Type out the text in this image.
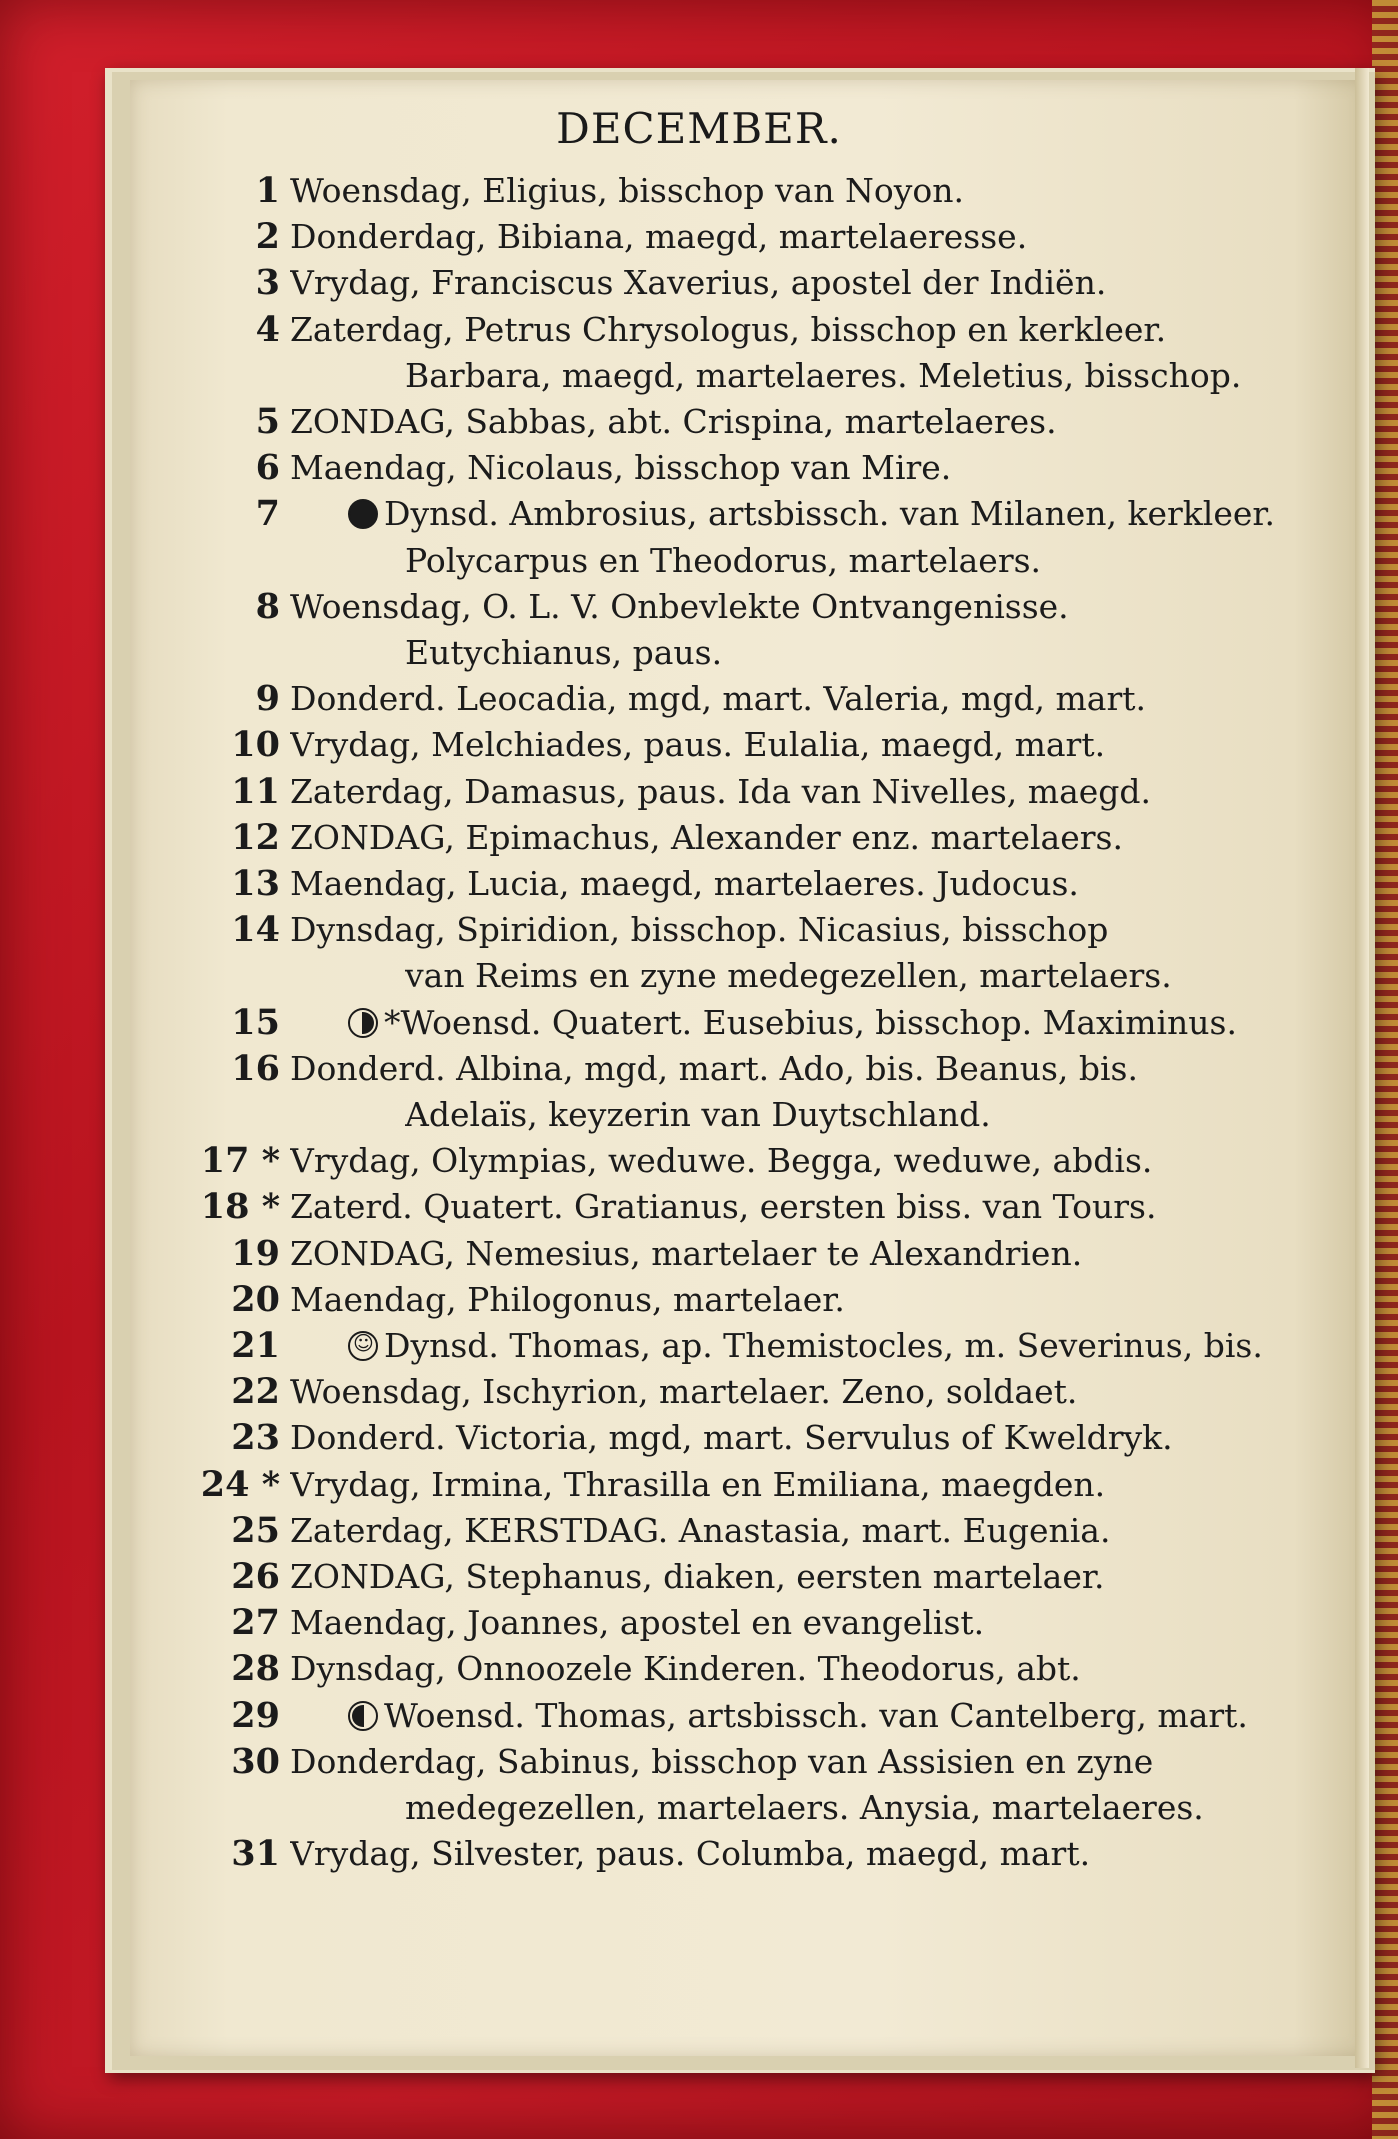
DECEMBER.
1 Woensdag, Eligius, bisschop van Noyon.
2 Donderdag, Bibiana, maegd, martelaeresse.
3 Vrydag, Franciscus Xaverius, apostel der Indiën.
4 Zaterdag, Petrus Chrysologus, bisschop en kerkleer.
Barbara, maegd, martelaeres. Meletius, bisschop.
5 ZONDAG, Sabbas, abt. Crispina, martelaeres.
6 Maendag, Nicolaus, bisschop van Mire.
7	Dynsd. Ambrosius, artsbissch. van Milanen, kerkleer.
Polycarpus en Theodorus, martelaers.
8 Woensdag, O. L. V. Onbevlekte Ontvangenisse.
Eutychianus, paus.
9 Donderd. Leocadia, mgd, mart. Valeria, mgd, mart.
10 Vrydag, Melchiades, paus. Eulalia, maegd, mart.
11 Zaterdag, Damasus, paus. Ida van Nivelles, maegd.
12 ZONDAG, Epimachus, Alexander enz. martelaers.
13 Maendag, Lucia, maegd, martelaeres. Judocus.
14 Dynsdag, Spiridion, bisschop. Nicasius, bisschop
van Reims en zyne medegezellen, martelaers.
15	*Woensd. Quatert. Eusebius, bisschop. Maximinus.
16 Donderd. Albina, mgd, mart. Ado, bis. Beanus, bis.
Adelaïs, keyzerin van Duytschland.
17 * Vrydag, Olympias, weduwe. Begga, weduwe, abdis.
18 * Zaterd. Quatert. Gratianus, eersten biss. van Tours.
19 ZONDAG, Nemesius, martelaer te Alexandrien.
20 Maendag, Philogonus, martelaer.
21
☺	Dynsd. Thomas, ap. Themistocles, m. Severinus, bis.
22 Woensdag, Ischyrion, martelaer. Zeno, soldaet.
23 Donderd. Victoria, mgd, mart. Servulus of Kweldryk.
24 * Vrydag, Irmina, Thrasilla en Emiliana, maegden.
25 Zaterdag, KERSTDAG. Anastasia, mart. Eugenia.
26 ZONDAG, Stephanus, diaken, eersten martelaer.
27 Maendag, Joannes, apostel en evangelist.
28 Dynsdag, Onnoozele Kinderen. Theodorus, abt.
29	Woensd. Thomas, artsbissch. van Cantelberg, mart.
30 Donderdag, Sabinus, bisschop van Assisien en zyne
medegezellen, martelaers. Anysia, martelaeres.
31 Vrydag, Silvester, paus. Columba, maegd, mart.
